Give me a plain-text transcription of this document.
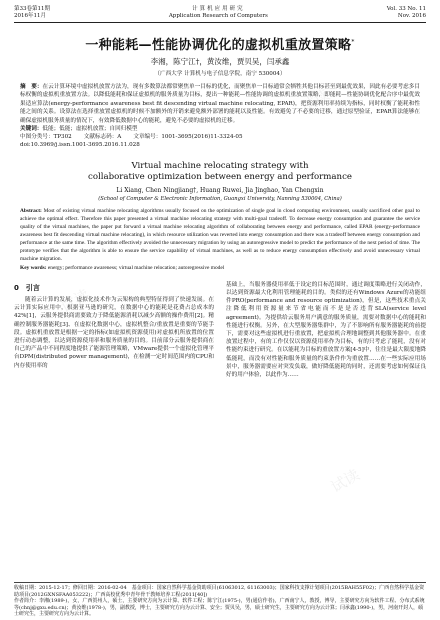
第33卷第11期
2016年11月
计算机应用研究
Application Research of Computers
Vol. 33 No. 11
Nov. 2016
一种能耗—性能协调优化的虚拟机重放置策略*
李湘，陈宁江†，黄汝维，贾贝吴，闫承鑫
（广西大学 计算机与电子信息学院，南宁 530004）
摘　要：在云计算环境中虚拟机放置方法为，现有多数算法都常聚焦单一目标的优化，而聚焦单一目标通常会牺牲其他目标甚至到最优效果，因此有必要考虑多目标权衡的虚拟机重放置方法。以降低能耗和保证虚拟机的服务质量为目标，提出一种能耗—性能协调的虚拟机重放置策略，即能耗—性能协调优化配合序中最优效果适应算法(energy-performance awareness best fit descending virtual machine relocating, EPAR)，把资源利用率持续为指标，同时权衡了能耗和性能之间的关系。设算法在选择重放置虚拟机的时候不加额外的开销来避免额外部署的能耗以及性能。有效避免了不必要的迁移，通过原型验证，EPAR算法能够在确保虚拟机服务质量的情况下，有效降低数据中心的能耗，避免不必要的虚拟机的迁移。
关键词：低能；低能；虚拟机放置；自回归模型
中图分类号：TP302 文献标志码：A 文章编号：1001-3695(2016)11-3324-05
doi:10.3969/j.issn.1001-3695.2016.11.028
Virtual machine relocating strategy with
collaborative optimization between energy and performance
Li Xiang, Chen Ningjiang†, Huang Ruwei, Jia Jinghao, Yan Chengxin
(School of Computer & Electronic Information, Guangxi University, Nanning 530004, China)
Abstract: Most of existing virtual machine relocating algorithms usually focused on the optimization of single goal in cloud computing environment, usually sacrificed other goal to achieve the optimal effect. Therefore this paper presented a virtual machine relocating strategy with multi-goal tradeoff. To decrease energy consumption and guarantee the service quality of the virtual machines, the paper put forward a virtual machine relocating algorithm of collaborating between energy and performance, called EPAR (energy-performance awareness best fit descending virtual machine relocating), in which resource utilization was reverted into energy consumption and there was a tradeoff between energy consumption and performance at the same time. The algorithm effectively avoided the unnecessary migration by using an autoregressive model to predict the performance of the next period of time. The prototype verifies that the algorithm is able to ensure the service capability of virtual machines, as well as to reduce energy consumption effectively and avoid unnecessary virtual machine migration.
Key words: energy; performance awareness; virtual machine relocation; autoregressive model
0　引言
随着云计算的发展，虚拟化技术作为云架构的典型特征得到了快速发展。在云计算实际应用中，根据亚马逊的研究，在数据中心的能耗是花费占总成本的42%[1]，云服务提供商需要致力于降低能源消耗以减少高额的操作费用[2]。精确控制服务器能耗[3]、在虚拟化数据中心，虚拟机整合/重放置是重要的节能手段。虚拟机重放置是根据一定的指标(如虚拟机资源使用)对虚拟机所放置的位置进行动态调整，以达到资源使用率和服务质量的目的。目前部分云服务提供商在自己的产品中不同程度地提供了能源管理策略，VMware提供一个虚拟化管理平台DPM(distributed power management)，在检测一定时间范围内的CPU和内存使用率的
基础上，当服务器使用率低于设定的目标范围时，通过调度策略进行关闭动作，以达到资源最大化利用管理能耗的目的。类似的还有Windows Azure的功能组件PRO(performance and resource optimization)，但是，这些技术重点关注降低利用资源量来节省电能而不是是否违背SLA(service level agreement)。为提供给云服务用户满意的服务质量，需要对数据中心的能耗和性能进行权衡。另外，在大型服务器集群中，为了不影响所有服务器能耗的前提下，需要对这些虚拟机进行重放置，把虚拟机合理地调整到其他服务器中。在重放置过程中，有的工作仅仅以资源使用率作为目标，有的只考虑了能耗，没有对性能约束进行研究。在以能耗为目标的重放置方案[4-5]中，往往是最大限度地降低能耗，而没有对性能和服务质量的约束条件作为重放置……在一些实际应用场景中，服务器需要应对突发负载，做好降低能耗的同时，还需要考虑如何保证良好的用户体验，以此作为……
收稿日期：2015-12-17；修回日期：2016-02-04　基金项目：国家自然科学基金资助项目(61063012, 61163003)；国家科技支撑计划项目(2015BAH55F02)；广西自然科学基金资助项目(2012GXNSFAA053222)；广西高校优秀中青年骨干教师培养工程(2011[40])
作者简介：李湘(1989-)，女，广西贺州人，硕士，主要研究方向为云计算、软件工程；陈宁江(1975-)，男(通信作者)，广西南宁人，教授，博导，主要研究方向为软件工程、分布式系统等(chnj@gxu.edu.cn)；黄汝维(1978-)，男，副教授，博士，主要研究方向为云计算、安全；贾贝吴，男，硕士研究生，主要研究方向为云计算；闫承鑫(1990-)，男，河南开封人，硕士研究生，主要研究方向为云计算。
试读
试读
试读
